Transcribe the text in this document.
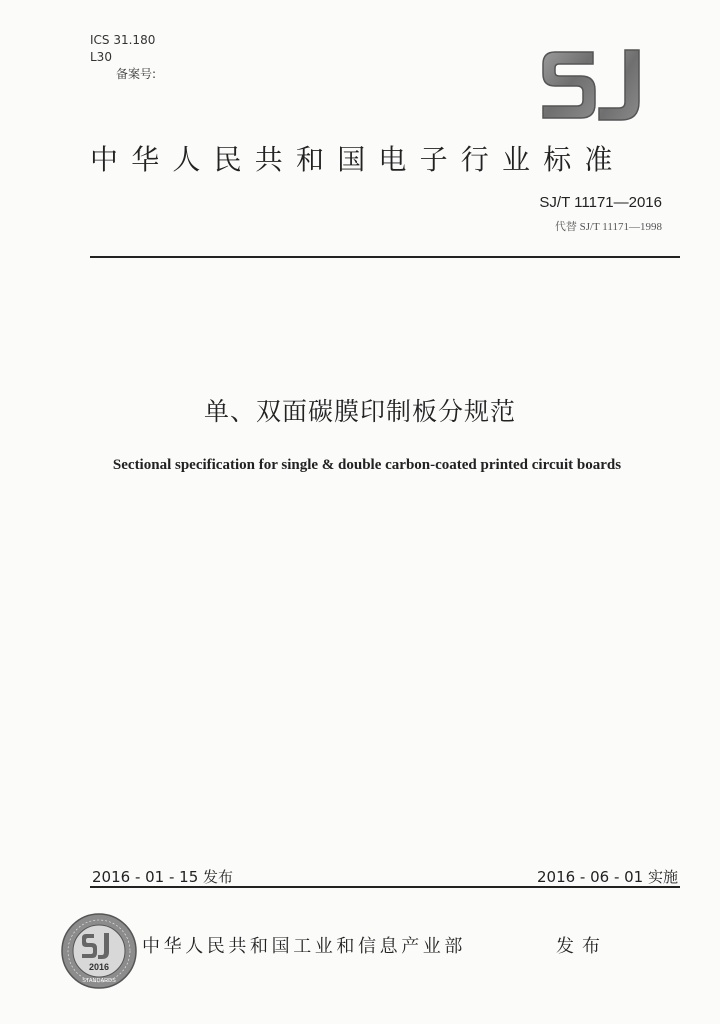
ICS 31.180
L30
备案号:
中华人民共和国电子行业标准
SJ/T 11171—2016
代替 SJ/T 11171—1998
单、双面碳膜印制板分规范
Sectional specification for single & double carbon-coated printed circuit boards
2016 - 01 - 15 发布	2016 - 06 - 01 实施
2016
STANDARDS
中华人民共和国工业和信息产业部	发布
